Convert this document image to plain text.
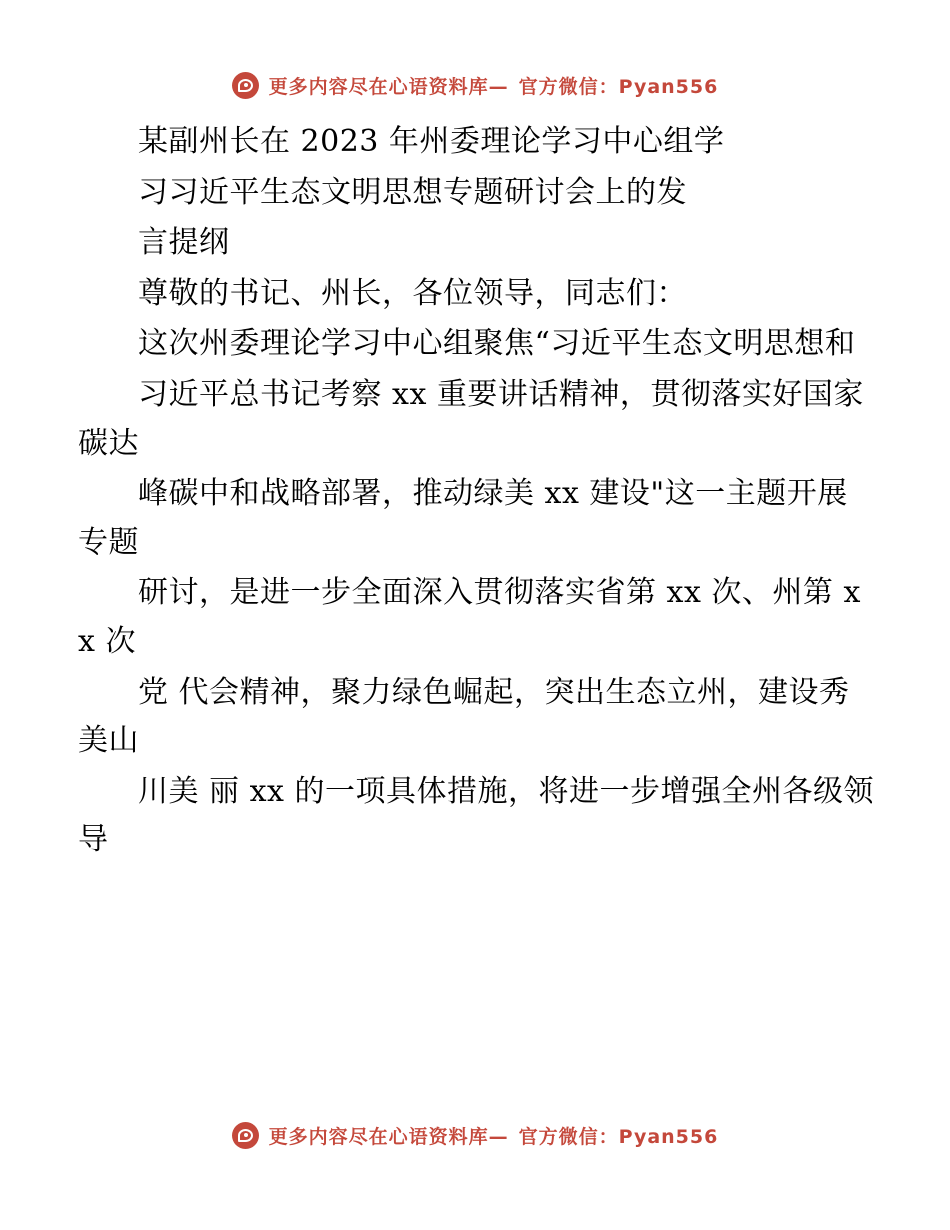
更多内容尽在心语资料库— 官方微信：Pyan556

某副州长在 2023 年州委理论学习中心组学

习习近平生态文明思想专题研讨会上的发

言提纲

尊敬的书记、州长，各位领导，同志们：

这次州委理论学习中心组聚焦“习近平生态文明思想和

习近平总书记考察 xx 重要讲话精神，贯彻落实好国家碳达

峰碳中和战略部署，推动绿美 xx 建设"这一主题开展专题

研讨，是进一步全面深入贯彻落实省第 xx 次、州第 xx 次

党 代会精神，聚力绿色崛起，突出生态立州，建设秀美山

川美 丽 xx 的一项具体措施，将进一步增强全州各级领导

更多内容尽在心语资料库— 官方微信：Pyan556
